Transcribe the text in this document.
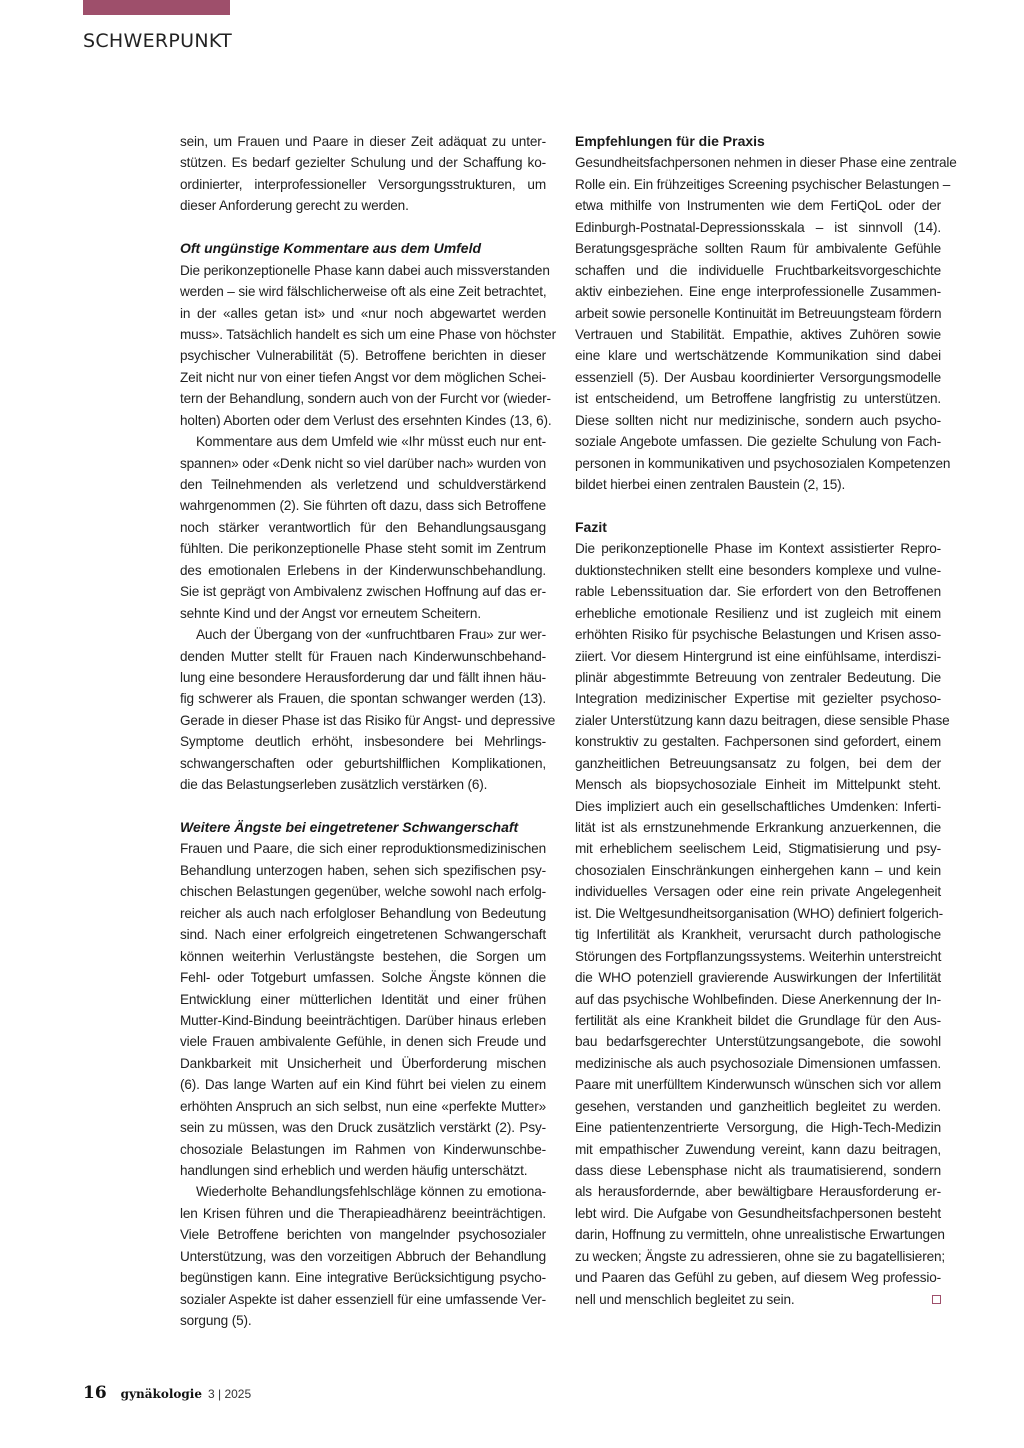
SCHWERPUNKT
sein, um Frauen und Paare in dieser Zeit adäquat zu unter-
stützen. Es bedarf gezielter Schulung und der Schaffung ko-
ordinierter, interprofessioneller Versorgungsstrukturen, um
dieser Anforderung gerecht zu werden.
Oft ungünstige Kommentare aus dem Umfeld
Die perikonzeptionelle Phase kann dabei auch missverstanden
werden – sie wird fälschlicherweise oft als eine Zeit betrachtet,
in der «alles getan ist» und «nur noch abgewartet werden
muss». Tatsächlich handelt es sich um eine Phase von höchster
psychischer Vulnerabilität (5). Betroffene berichten in dieser
Zeit nicht nur von einer tiefen Angst vor dem möglichen Schei-
tern der Behandlung, sondern auch von der Furcht vor (wieder-
holten) Aborten oder dem Verlust des ersehnten Kindes (13, 6).
Kommentare aus dem Umfeld wie «Ihr müsst euch nur ent-
spannen» oder «Denk nicht so viel darüber nach» wurden von
den Teilnehmenden als verletzend und schuldverstärkend
wahrgenommen (2). Sie führten oft dazu, dass sich Betroffene
noch stärker verantwortlich für den Behandlungsausgang
fühlten. Die perikonzeptionelle Phase steht somit im Zentrum
des emotionalen Erlebens in der Kinderwunschbehandlung.
Sie ist geprägt von Ambivalenz zwischen Hoffnung auf das er-
sehnte Kind und der Angst vor erneutem Scheitern.
Auch der Übergang von der «unfruchtbaren Frau» zur wer-
denden Mutter stellt für Frauen nach Kinderwunschbehand-
lung eine besondere Herausforderung dar und fällt ihnen häu-
fig schwerer als Frauen, die spontan schwanger werden (13).
Gerade in dieser Phase ist das Risiko für Angst- und depressive
Symptome deutlich erhöht, insbesondere bei Mehrlings-
schwangerschaften oder geburtshilflichen Komplikationen,
die das Belastungserleben zusätzlich verstärken (6).
Weitere Ängste bei eingetretener Schwangerschaft
Frauen und Paare, die sich einer reproduktionsmedizinischen
Behandlung unterzogen haben, sehen sich spezifischen psy-
chischen Belastungen gegenüber, welche sowohl nach erfolg-
reicher als auch nach erfolgloser Behandlung von Bedeutung
sind. Nach einer erfolgreich eingetretenen Schwangerschaft
können weiterhin Verlustängste bestehen, die Sorgen um
Fehl- oder Totgeburt umfassen. Solche Ängste können die
Entwicklung einer mütterlichen Identität und einer frühen
Mutter-Kind-Bindung beeinträchtigen. Darüber hinaus erleben
viele Frauen ambivalente Gefühle, in denen sich Freude und
Dankbarkeit mit Unsicherheit und Überforderung mischen
(6). Das lange Warten auf ein Kind führt bei vielen zu einem
erhöhten Anspruch an sich selbst, nun eine «perfekte Mutter»
sein zu müssen, was den Druck zusätzlich verstärkt (2). Psy-
chosoziale Belastungen im Rahmen von Kinderwunschbe-
handlungen sind erheblich und werden häufig unterschätzt.
Wiederholte Behandlungsfehlschläge können zu emotiona-
len Krisen führen und die Therapieadhärenz beeinträchtigen.
Viele Betroffene berichten von mangelnder psychosozialer
Unterstützung, was den vorzeitigen Abbruch der Behandlung
begünstigen kann. Eine integrative Berücksichtigung psycho-
sozialer Aspekte ist daher essenziell für eine umfassende Ver-
sorgung (5).
Empfehlungen für die Praxis
Gesundheitsfachpersonen nehmen in dieser Phase eine zentrale
Rolle ein. Ein frühzeitiges Screening psychischer Belastungen –
etwa mithilfe von Instrumenten wie dem FertiQoL oder der
Edinburgh-Postnatal-Depressionsskala – ist sinnvoll (14).
Beratungsgespräche sollten Raum für ambivalente Gefühle
schaffen und die individuelle Fruchtbarkeitsvorgeschichte
aktiv einbeziehen. Eine enge interprofessionelle Zusammen-
arbeit sowie personelle Kontinuität im Betreuungsteam fördern
Vertrauen und Stabilität. Empathie, aktives Zuhören sowie
eine klare und wertschätzende Kommunikation sind dabei
essenziell (5). Der Ausbau koordinierter Versorgungsmodelle
ist entscheidend, um Betroffene langfristig zu unterstützen.
Diese sollten nicht nur medizinische, sondern auch psycho-
soziale Angebote umfassen. Die gezielte Schulung von Fach-
personen in kommunikativen und psychosozialen Kompetenzen
bildet hierbei einen zentralen Baustein (2, 15).
Fazit
Die perikonzeptionelle Phase im Kontext assistierter Repro-
duktionstechniken stellt eine besonders komplexe und vulne-
rable Lebenssituation dar. Sie erfordert von den Betroffenen
erhebliche emotionale Resilienz und ist zugleich mit einem
erhöhten Risiko für psychische Belastungen und Krisen asso-
ziiert. Vor diesem Hintergrund ist eine einfühlsame, interdiszi-
plinär abgestimmte Betreuung von zentraler Bedeutung. Die
Integration medizinischer Expertise mit gezielter psychoso-
zialer Unterstützung kann dazu beitragen, diese sensible Phase
konstruktiv zu gestalten. Fachpersonen sind gefordert, einem
ganzheitlichen Betreuungsansatz zu folgen, bei dem der
Mensch als biopsychosoziale Einheit im Mittelpunkt steht.
Dies impliziert auch ein gesellschaftliches Umdenken: Inferti-
lität ist als ernstzunehmende Erkrankung anzuerkennen, die
mit erheblichem seelischem Leid, Stigmatisierung und psy-
chosozialen Einschränkungen einhergehen kann – und kein
individuelles Versagen oder eine rein private Angelegenheit
ist. Die Weltgesundheitsorganisation (WHO) definiert folgerich-
tig Infertilität als Krankheit, verursacht durch pathologische
Störungen des Fortpflanzungssystems. Weiterhin unterstreicht
die WHO potenziell gravierende Auswirkungen der Infertilität
auf das psychische Wohlbefinden. Diese Anerkennung der In-
fertilität als eine Krankheit bildet die Grundlage für den Aus-
bau bedarfsgerechter Unterstützungsangebote, die sowohl
medizinische als auch psychosoziale Dimensionen umfassen.
Paare mit unerfülltem Kinderwunsch wünschen sich vor allem
gesehen, verstanden und ganzheitlich begleitet zu werden.
Eine patientenzentrierte Versorgung, die High-Tech-Medizin
mit empathischer Zuwendung vereint, kann dazu beitragen,
dass diese Lebensphase nicht als traumatisierend, sondern
als herausfordernde, aber bewältigbare Herausforderung er-
lebt wird. Die Aufgabe von Gesundheitsfachpersonen besteht
darin, Hoffnung zu vermitteln, ohne unrealistische Erwartungen
zu wecken; Ängste zu adressieren, ohne sie zu bagatellisieren;
und Paaren das Gefühl zu geben, auf diesem Weg professio-
nell und menschlich begleitet zu sein.
16 gynäkologie 3 | 2025
